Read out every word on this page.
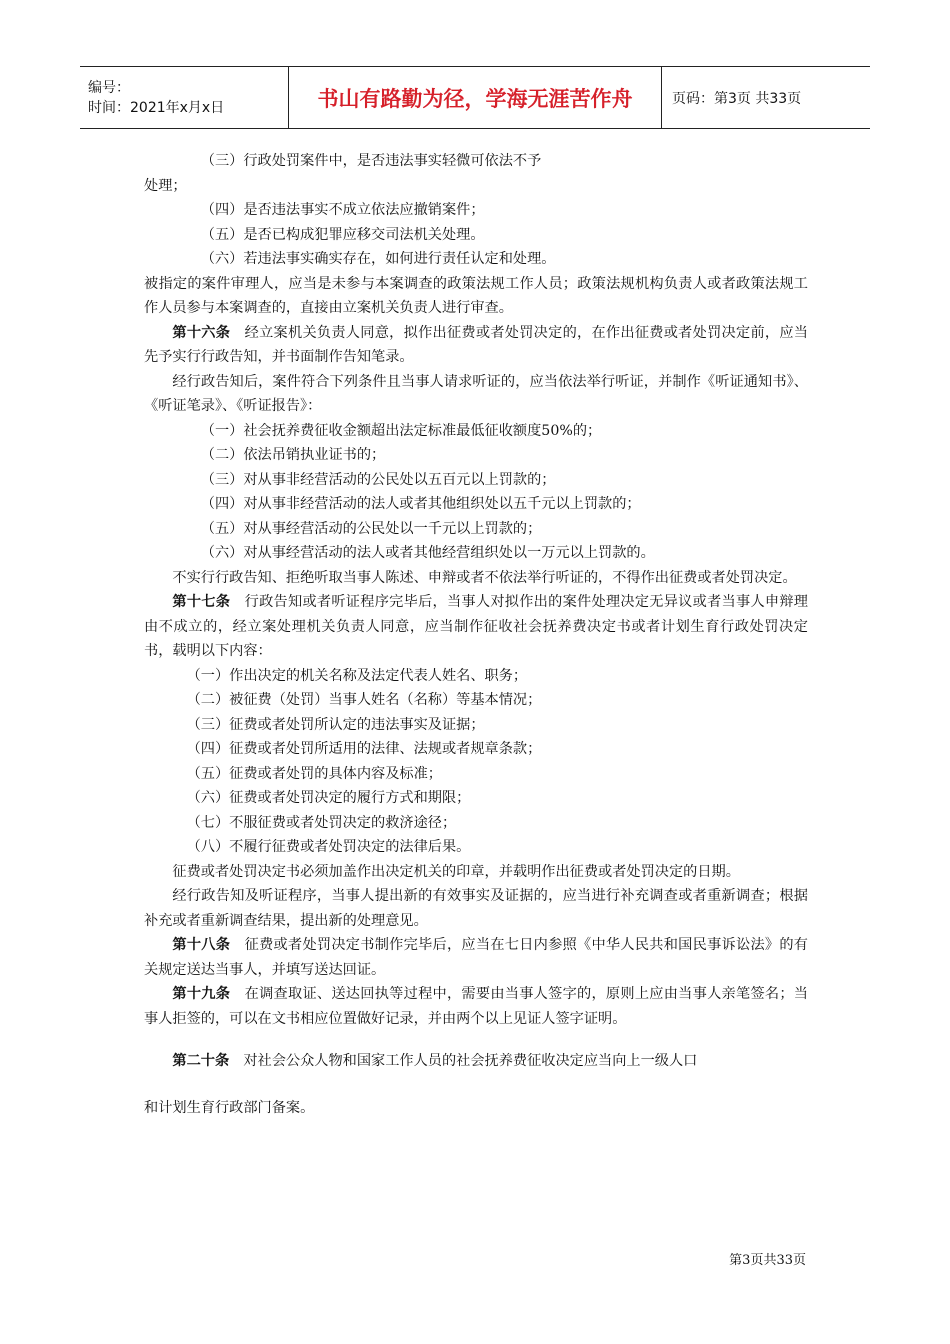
编号：
时间：2021年x月x日	书山有路勤为径，学海无涯苦作舟	页码：第3页 共33页

（三）行政处罚案件中，是否违法事实轻微可依法不予

处理；

（四）是否违法事实不成立依法应撤销案件；

（五）是否已构成犯罪应移交司法机关处理。

（六）若违法事实确实存在，如何进行责任认定和处理。

被指定的案件审理人，应当是未参与本案调查的政策法规工作人员；政策法规机构负责人或者政策法规工作人员参与本案调查的，直接由立案机关负责人进行审查。

第十六条　经立案机关负责人同意，拟作出征费或者处罚决定的，在作出征费或者处罚决定前，应当先予实行行政告知，并书面制作告知笔录。

经行政告知后，案件符合下列条件且当事人请求听证的，应当依法举行听证，并制作《听证通知书》、《听证笔录》、《听证报告》：

（一）社会抚养费征收金额超出法定标准最低征收额度50%的；

（二）依法吊销执业证书的；

（三）对从事非经营活动的公民处以五百元以上罚款的；

（四）对从事非经营活动的法人或者其他组织处以五千元以上罚款的；

（五）对从事经营活动的公民处以一千元以上罚款的；

（六）对从事经营活动的法人或者其他经营组织处以一万元以上罚款的。

不实行行政告知、拒绝听取当事人陈述、申辩或者不依法举行听证的，不得作出征费或者处罚决定。

第十七条　行政告知或者听证程序完毕后，当事人对拟作出的案件处理决定无异议或者当事人申辩理由不成立的，经立案处理机关负责人同意，应当制作征收社会抚养费决定书或者计划生育行政处罚决定书，载明以下内容：

（一）作出决定的机关名称及法定代表人姓名、职务；

（二）被征费（处罚）当事人姓名（名称）等基本情况；

（三）征费或者处罚所认定的违法事实及证据；

（四）征费或者处罚所适用的法律、法规或者规章条款；

（五）征费或者处罚的具体内容及标准；

（六）征费或者处罚决定的履行方式和期限；

（七）不服征费或者处罚决定的救济途径；

（八）不履行征费或者处罚决定的法律后果。

征费或者处罚决定书必须加盖作出决定机关的印章，并载明作出征费或者处罚决定的日期。

经行政告知及听证程序，当事人提出新的有效事实及证据的，应当进行补充调查或者重新调查；根据补充或者重新调查结果，提出新的处理意见。

第十八条　征费或者处罚决定书制作完毕后，应当在七日内参照《中华人民共和国民事诉讼法》的有关规定送达当事人，并填写送达回证。

第十九条　在调查取证、送达回执等过程中，需要由当事人签字的，原则上应由当事人亲笔签名；当事人拒签的，可以在文书相应位置做好记录，并由两个以上见证人签字证明。

第二十条　对社会公众人物和国家工作人员的社会抚养费征收决定应当向上一级人口

和计划生育行政部门备案。

第3页共33页
